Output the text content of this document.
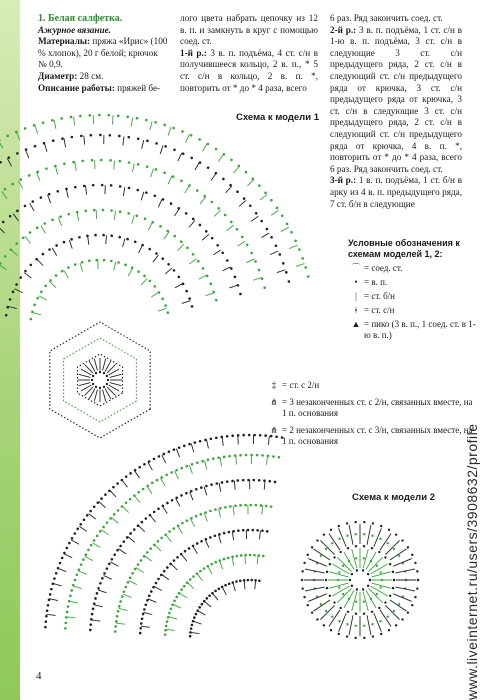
1. Белая салфетка.

Ажурное вязание.

Материалы: пряжа «Ирис» (100 % хлопок), 20 г белой; крючок № 0,9.

Диаметр: 28 см.

Описание работы: пряжей бе-

лого цвета набрать цепочку из 12 в. п. и замкнуть в круг с помощью соед. ст.

1-й р.: 3 в. п. подъёма, 4 ст. с/н в получившееся кольцо, 2 в. п., * 5 ст. с/н в кольцо, 2 в. п. *, повторить от * до * 4 раза, всего

6 раз. Ряд закончить соед. ст.

2-й р.: 3 в. п. подъёма, 1 ст. с/н в 1-ю в. п. подъёма, 3 ст. с/н в следующие 3 ст. с/н предыдущего ряда, 2 ст. с/н в следующий ст. с/н предыдущего ряда от крючка, 3 ст. с/н предыдущего ряда от крючка, 3 ст. с/н в следующие 3 ст. с/н предыдущего ряда, 2 ст. с/н в следующий ст. с/н предыдущего ряда от крючка, 4 в. п. *, повторить от * до * 4 раза, всего 6 раз. Ряд закончить соед. ст.

3-й р.: 1 в. п. подъёма, 1 ст. б/н в арку из 4 в. п. предыдущего ряда, 7 ст. б/н в следующие

Схема к модели 1
Схема к модели 2
Условные обозначения к схемам моделей 1, 2:
⌒ = соед. ст.
• = в. п.
| = ст. б/н
ǂ = ст. с/н
▲ = пико (3 в. п., 1 соед. ст. в 1-ю в. п.)
‡ = ст. с 2/н
⋔ = 3 незаконченных ст. с 2/н, связанных вместе, на 1 п. основания
⋔ = 2 незаконченных ст. с 3/н, связанных вместе, на 1 п. основания
4	www.liveinternet.ru/users/3908632/profile
